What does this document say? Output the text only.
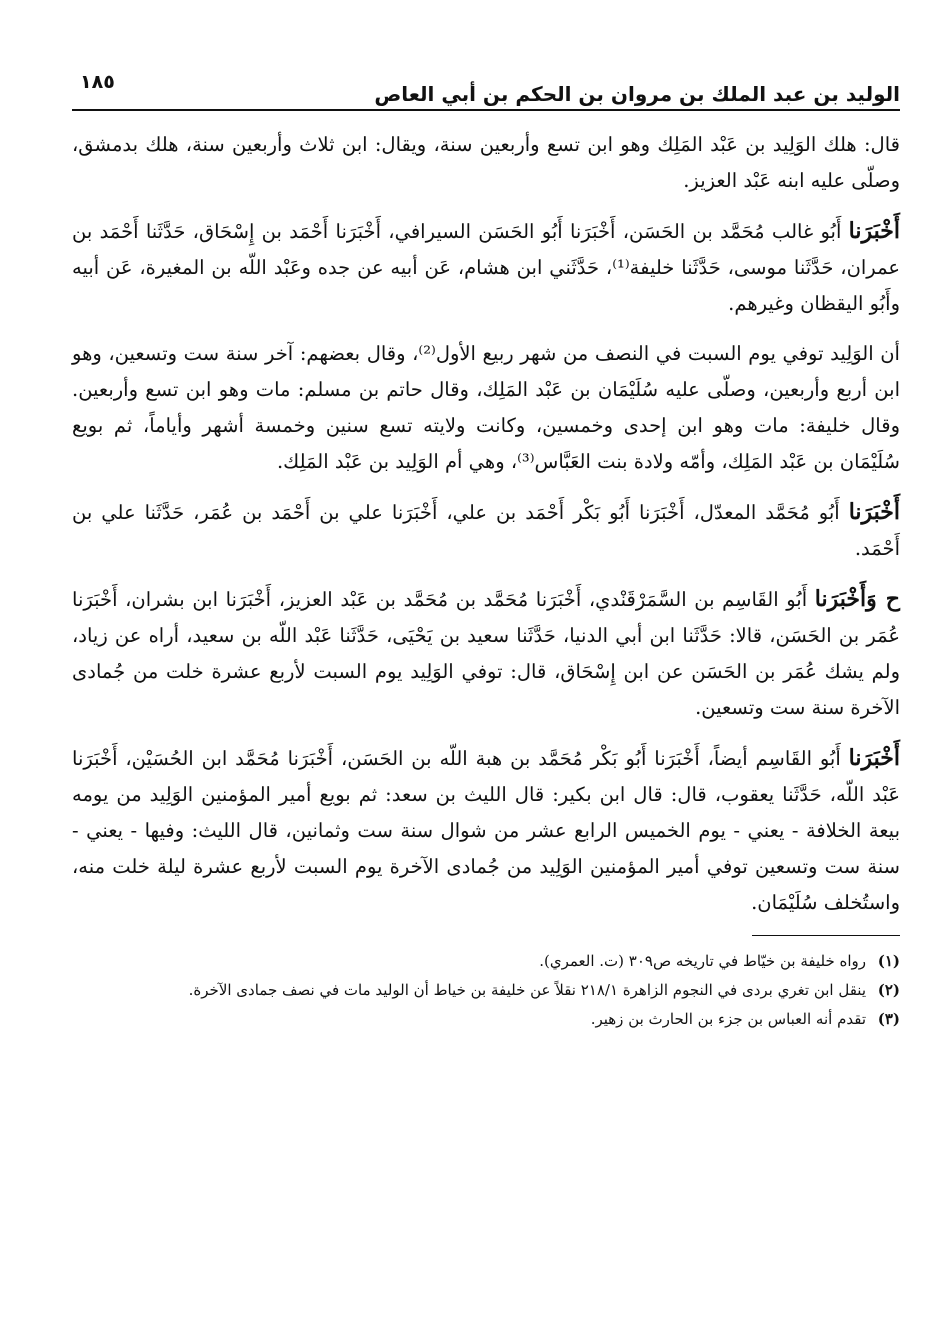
الوليد بن عبد الملك بن مروان بن الحكم بن أبي العاص
١٨٥

قال: هلك الوَلِيد بن عَبْد المَلِك وهو ابن تسع وأربعين سنة، ويقال: ابن ثلاث وأربعين سنة، هلك بدمشق، وصلّى عليه ابنه عَبْد العزيز.

أَخْبَرَنا أَبُو غالب مُحَمَّد بن الحَسَن، أَخْبَرَنا أَبُو الحَسَن السيرافي، أَخْبَرَنا أَحْمَد بن إِسْحَاق، حَدَّثَنا أَحْمَد بن عمران، حَدَّثَنا موسى، حَدَّثَنا خليفة⁽¹⁾، حَدَّثَني ابن هشام، عَن أبيه عن جده وعَبْد اللّه بن المغيرة، عَن أبيه وأَبُو اليقظان وغيرهم.

أن الوَلِيد توفي يوم السبت في النصف من شهر ربيع الأول⁽²⁾، وقال بعضهم: آخر سنة ست وتسعين، وهو ابن أربع وأربعين، وصلّى عليه سُلَيْمَان بن عَبْد المَلِك، وقال حاتم بن مسلم: مات وهو ابن تسع وأربعين. وقال خليفة: مات وهو ابن إحدى وخمسين، وكانت ولايته تسع سنين وخمسة أشهر وأياماً، ثم بويع سُلَيْمَان بن عَبْد المَلِك، وأمّه ولادة بنت العَبَّاس⁽³⁾، وهي أم الوَلِيد بن عَبْد المَلِك.

أَخْبَرَنا أَبُو مُحَمَّد المعدّل، أَخْبَرَنا أَبُو بَكْر أَحْمَد بن علي، أَخْبَرَنا علي بن أَحْمَد بن عُمَر، حَدَّثَنا علي بن أَحْمَد.

ح وَأَخْبَرَنا أَبُو القَاسِم بن السَّمَرْقَنْدي، أَخْبَرَنا مُحَمَّد بن مُحَمَّد بن عَبْد العزيز، أَخْبَرَنا ابن بشران، أَخْبَرَنا عُمَر بن الحَسَن، قالا: حَدَّثَنا ابن أبي الدنيا، حَدَّثَنا سعيد بن يَحْيَى، حَدَّثَنا عَبْد اللّه بن سعيد، أراه عن زياد، ولم يشك عُمَر بن الحَسَن عن ابن إِسْحَاق، قال: توفي الوَلِيد يوم السبت لأربع عشرة خلت من جُمادى الآخرة سنة ست وتسعين.

أَخْبَرَنا أَبُو القَاسِم أيضاً، أَخْبَرَنا أَبُو بَكْر مُحَمَّد بن هبة اللّه بن الحَسَن، أَخْبَرَنا مُحَمَّد ابن الحُسَيْن، أَخْبَرَنا عَبْد اللّه، حَدَّثَنا يعقوب، قال: قال ابن بكير: قال الليث بن سعد: ثم بويع أمير المؤمنين الوَلِيد من يومه بيعة الخلافة - يعني - يوم الخميس الرابع عشر من شوال سنة ست وثمانين، قال الليث: وفيها - يعني - سنة ست وتسعين توفي أمير المؤمنين الوَلِيد من جُمادى الآخرة يوم السبت لأربع عشرة ليلة خلت منه، واستُخلف سُلَيْمَان.

(١)
رواه خليفة بن خيّاط في تاريخه ص٣٠٩ (ت. العمري).
(٢)
ينقل ابن تغري بردى في النجوم الزاهرة ٢١٨/١ نقلاً عن خليفة بن خياط أن الوليد مات في نصف جمادى الآخرة.
(٣)
تقدم أنه العباس بن جزء بن الحارث بن زهير.
